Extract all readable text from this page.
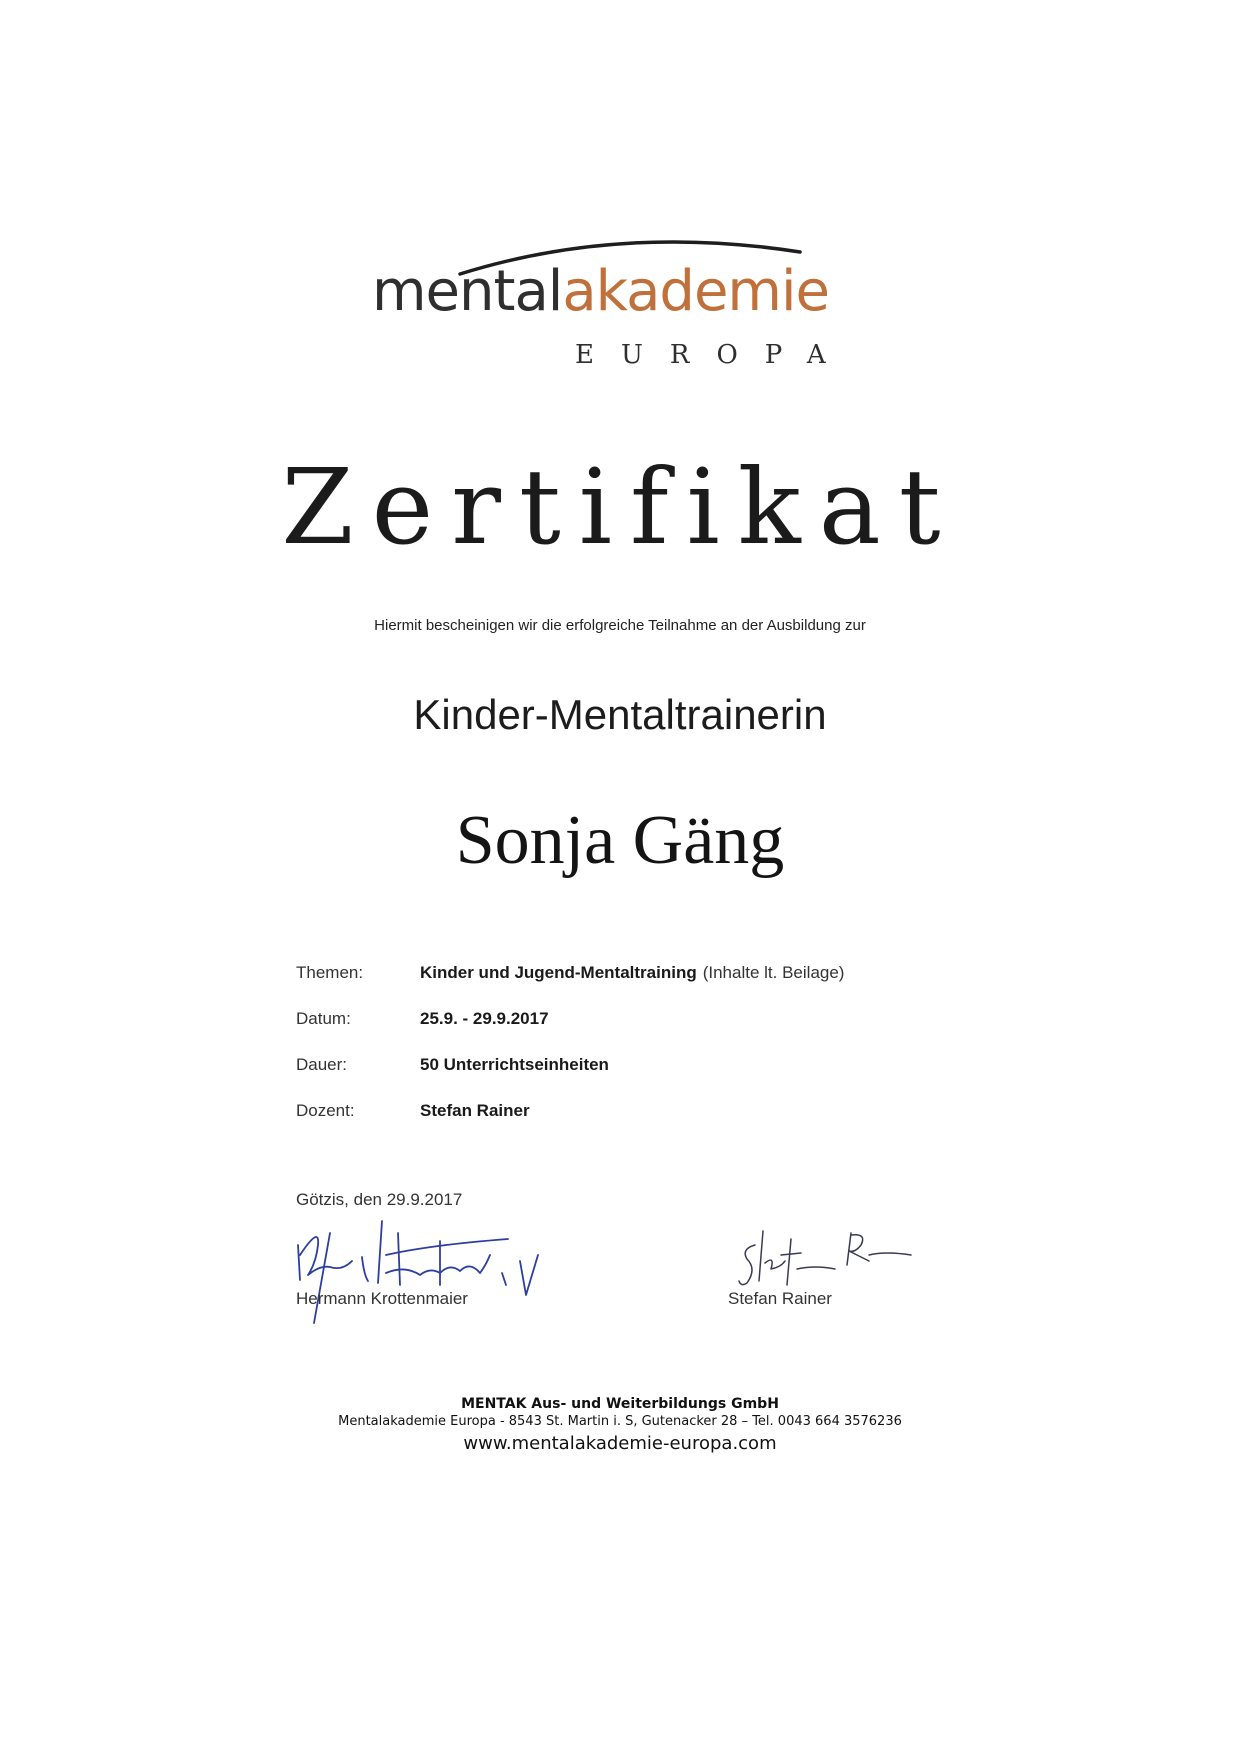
mentalakademie
EUROPA
Zertifikat
Hiermit bescheinigen wir die erfolgreiche Teilnahme an der Ausbildung zur
Kinder-Mentaltrainerin
Sonja Gäng
Themen:	Kinder und Jugend-Mentaltraining (Inhalte lt. Beilage)
Datum:	25.9. - 29.9.2017
Dauer:	50 Unterrichtseinheiten
Dozent:	Stefan Rainer
Götzis, den 29.9.2017
Hermann Krottenmaier	Stefan Rainer
MENTAK Aus- und Weiterbildungs GmbH
Mentalakademie Europa - 8543 St. Martin i. S, Gutenacker 28 – Tel. 0043 664 3576236
www.mentalakademie-europa.com
